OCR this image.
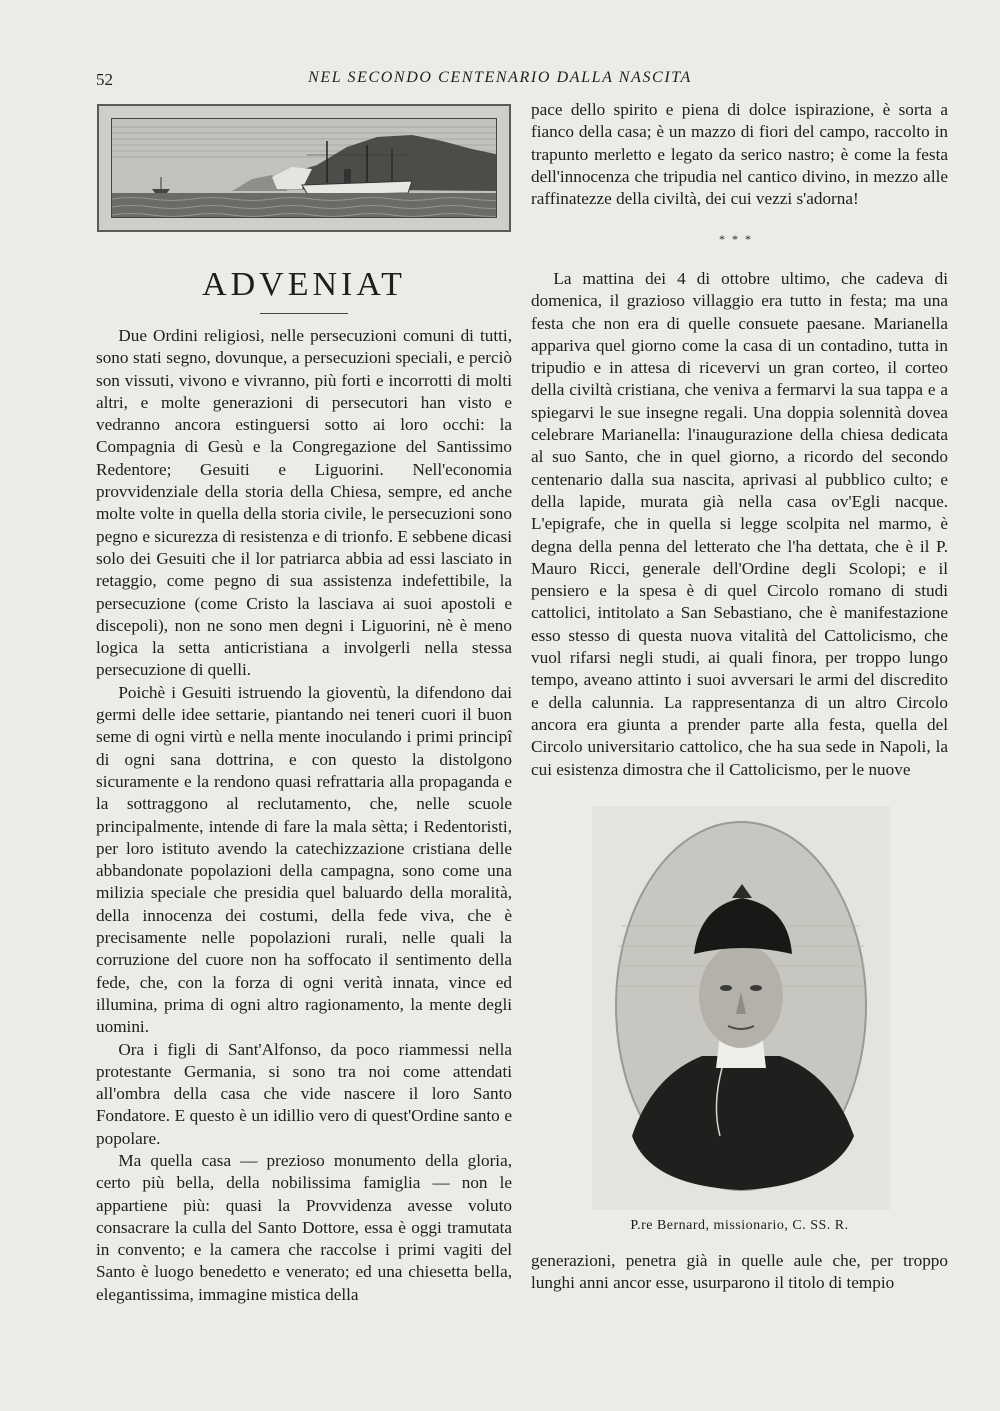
52	NEL SECONDO CENTENARIO DALLA NASCITA
ADVENIAT

Due Ordini religiosi, nelle persecuzioni comuni di tutti, sono stati segno, dovunque, a persecuzioni speciali, e perciò son vissuti, vivono e vivranno, più forti e incorrotti di molti altri, e molte generazioni di persecutori han visto e vedranno ancora estinguersi sotto ai loro occhi: la Compagnia di Gesù e la Congregazione del Santissimo Redentore; Gesuiti e Liguorini. Nell'economia provvidenziale della storia della Chiesa, sempre, ed anche molte volte in quella della storia civile, le persecuzioni sono pegno e sicurezza di resistenza e di trionfo. E sebbene dicasi solo dei Gesuiti che il lor patriarca abbia ad essi lasciato in retaggio, come pegno di sua assistenza indefettibile, la persecuzione (come Cristo la lasciava ai suoi apostoli e discepoli), non ne sono men degni i Liguorini, nè è meno logica la setta anticristiana a involgerli nella stessa persecuzione di quelli.

Poichè i Gesuiti istruendo la gioventù, la difendono dai germi delle idee settarie, piantando nei teneri cuori il buon seme di ogni virtù e nella mente inoculando i primi principî di ogni sana dottrina, e con questo la distolgono sicuramente e la rendono quasi refrattaria alla propaganda e la sottraggono al reclutamento, che, nelle scuole principalmente, intende di fare la mala sètta; i Redentoristi, per loro istituto avendo la catechizzazione cristiana delle abbandonate popolazioni della campagna, sono come una milizia speciale che presidia quel baluardo della moralità, della innocenza dei costumi, della fede viva, che è precisamente nelle popolazioni rurali, nelle quali la corruzione del cuore non ha soffocato il sentimento della fede, che, con la forza di ogni verità innata, vince ed illumina, prima di ogni altro ragionamento, la mente degli uomini.

Ora i figli di Sant'Alfonso, da poco riammessi nella protestante Germania, si sono tra noi come attendati all'ombra della casa che vide nascere il loro Santo Fondatore. E questo è un idillio vero di quest'Ordine santo e popolare.

Ma quella casa — prezioso monumento della gloria, certo più bella, della nobilissima famiglia — non le appartiene più: quasi la Provvidenza avesse voluto consacrare la culla del Santo Dottore, essa è oggi tramutata in convento; e la camera che raccolse i primi vagiti del Santo è luogo benedetto e venerato; ed una chiesetta bella, elegantissima, immagine mistica della

pace dello spirito e piena di dolce ispirazione, è sorta a fianco della casa; è un mazzo di fiori del campo, raccolto in trapunto merletto e legato da serico nastro; è come la festa dell'innocenza che tripudia nel cantico divino, in mezzo alle raffinatezze della civiltà, dei cui vezzi s'adorna!

* * *

La mattina dei 4 di ottobre ultimo, che cadeva di domenica, il grazioso villaggio era tutto in festa; ma una festa che non era di quelle consuete paesane. Marianella appariva quel giorno come la casa di un contadino, tutta in tripudio e in attesa di ricevervi un gran corteo, il corteo della civiltà cristiana, che veniva a fermarvi la sua tappa e a spiegarvi le sue insegne regali. Una doppia solennità dovea celebrare Marianella: l'inaugurazione della chiesa dedicata al suo Santo, che in quel giorno, a ricordo del secondo centenario dalla sua nascita, aprivasi al pubblico culto; e della lapide, murata già nella casa ov'Egli nacque. L'epigrafe, che in quella si legge scolpita nel marmo, è degna della penna del letterato che l'ha dettata, che è il P. Mauro Ricci, generale dell'Ordine degli Scolopi; e il pensiero e la spesa è di quel Circolo romano di studi cattolici, intitolato a San Sebastiano, che è manifestazione esso stesso di questa nuova vitalità del Cattolicismo, che vuol rifarsi negli studi, ai quali finora, per troppo lungo tempo, aveano attinto i suoi avversari le armi del discredito e della calunnia. La rappresentanza di un altro Circolo ancora era giunta a prender parte alla festa, quella del Circolo universitario cattolico, che ha sua sede in Napoli, la cui esistenza dimostra che il Cattolicismo, per le nuove

P.re Bernard, missionario, C. SS. R.

generazioni, penetra già in quelle aule che, per troppo lunghi anni ancor esse, usurparono il titolo di tempio
